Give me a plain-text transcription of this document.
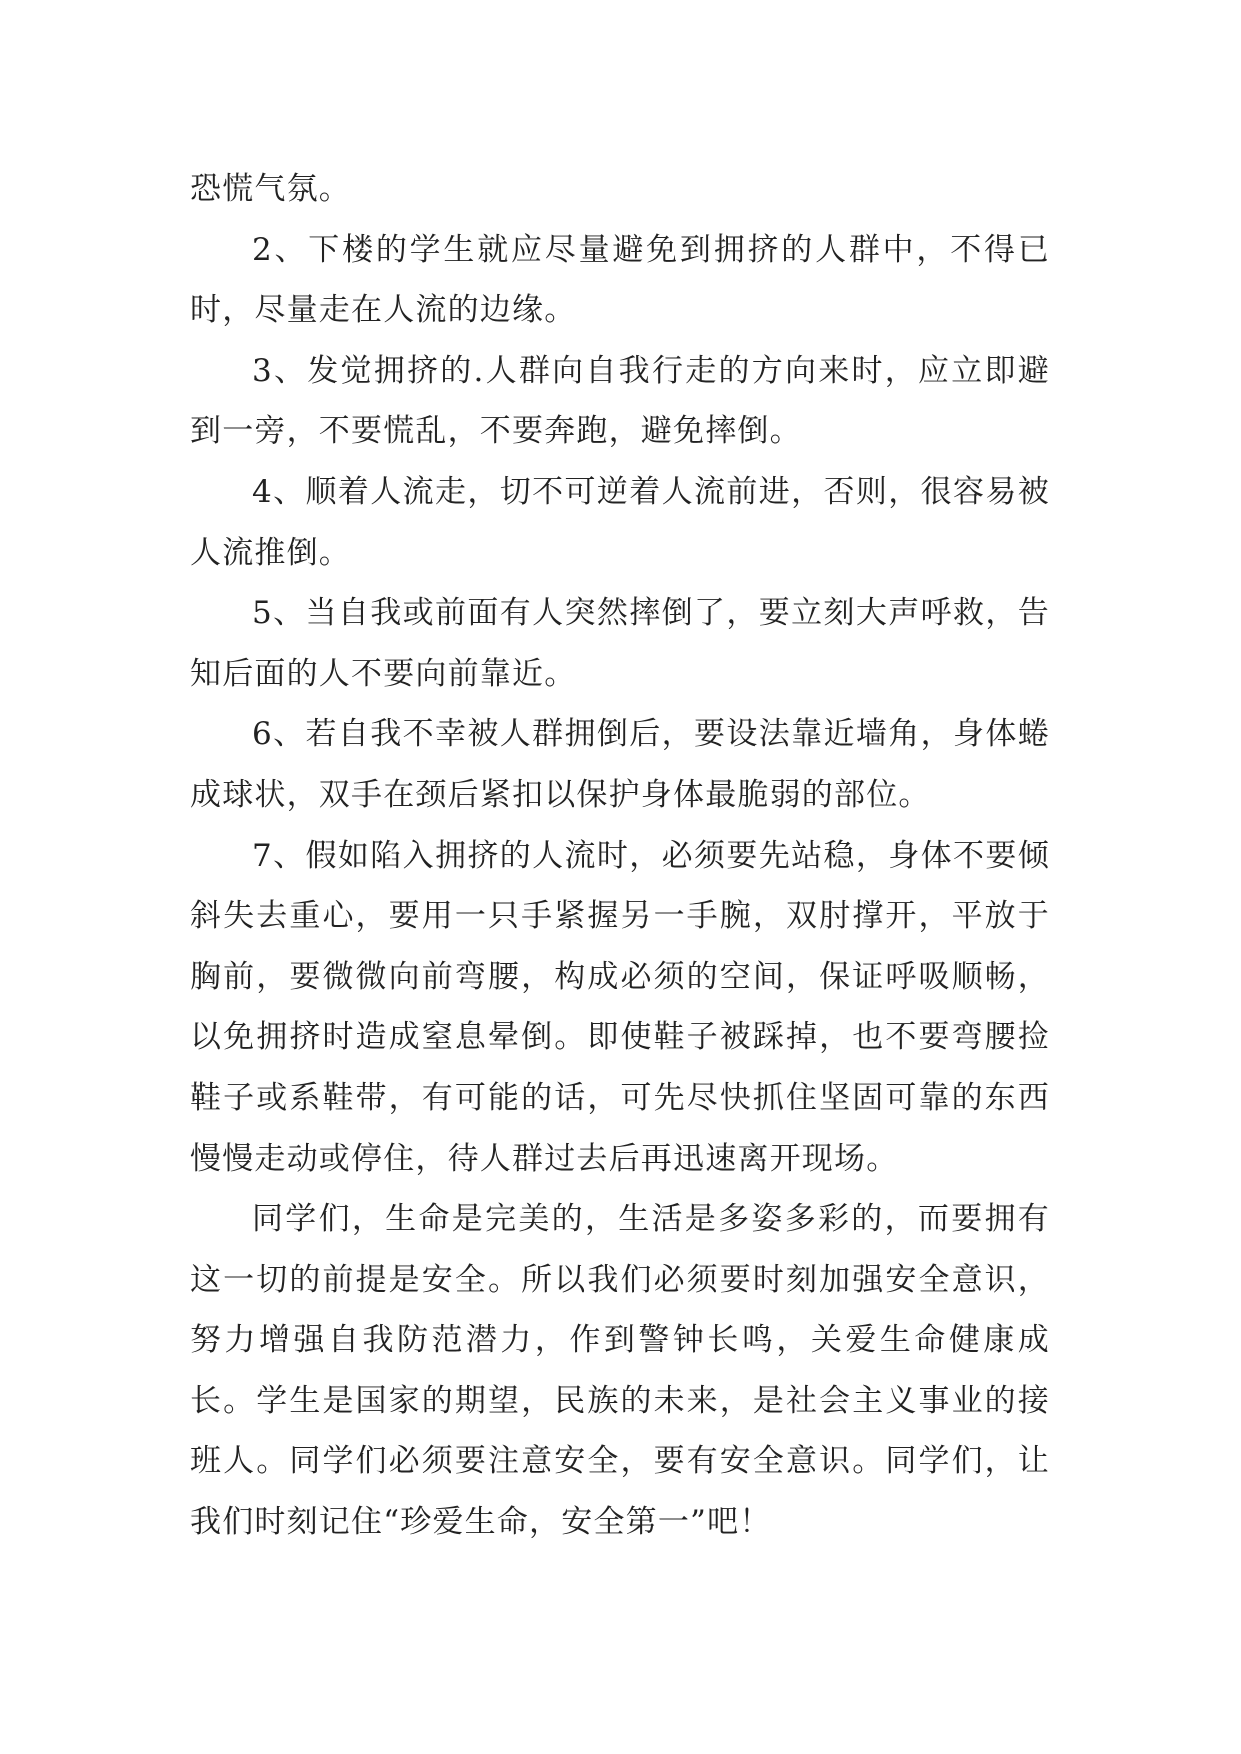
恐慌气氛。

2、下楼的学生就应尽量避免到拥挤的人群中，不得已时，尽量走在人流的边缘。

3、发觉拥挤的.人群向自我行走的方向来时，应立即避到一旁，不要慌乱，不要奔跑，避免摔倒。

4、顺着人流走，切不可逆着人流前进，否则，很容易被人流推倒。

5、当自我或前面有人突然摔倒了，要立刻大声呼救，告知后面的人不要向前靠近。

6、若自我不幸被人群拥倒后，要设法靠近墙角，身体蜷成球状，双手在颈后紧扣以保护身体最脆弱的部位。

7、假如陷入拥挤的人流时，必须要先站稳，身体不要倾斜失去重心，要用一只手紧握另一手腕，双肘撑开，平放于胸前，要微微向前弯腰，构成必须的空间，保证呼吸顺畅，以免拥挤时造成窒息晕倒。即使鞋子被踩掉，也不要弯腰捡鞋子或系鞋带，有可能的话，可先尽快抓住坚固可靠的东西慢慢走动或停住，待人群过去后再迅速离开现场。

同学们，生命是完美的，生活是多姿多彩的，而要拥有这一切的前提是安全。所以我们必须要时刻加强安全意识，努力增强自我防范潜力，作到警钟长鸣，关爱生命健康成长。学生是国家的期望，民族的未来，是社会主义事业的接班人。同学们必须要注意安全，要有安全意识。同学们，让我们时刻记住“珍爱生命，安全第一”吧！
